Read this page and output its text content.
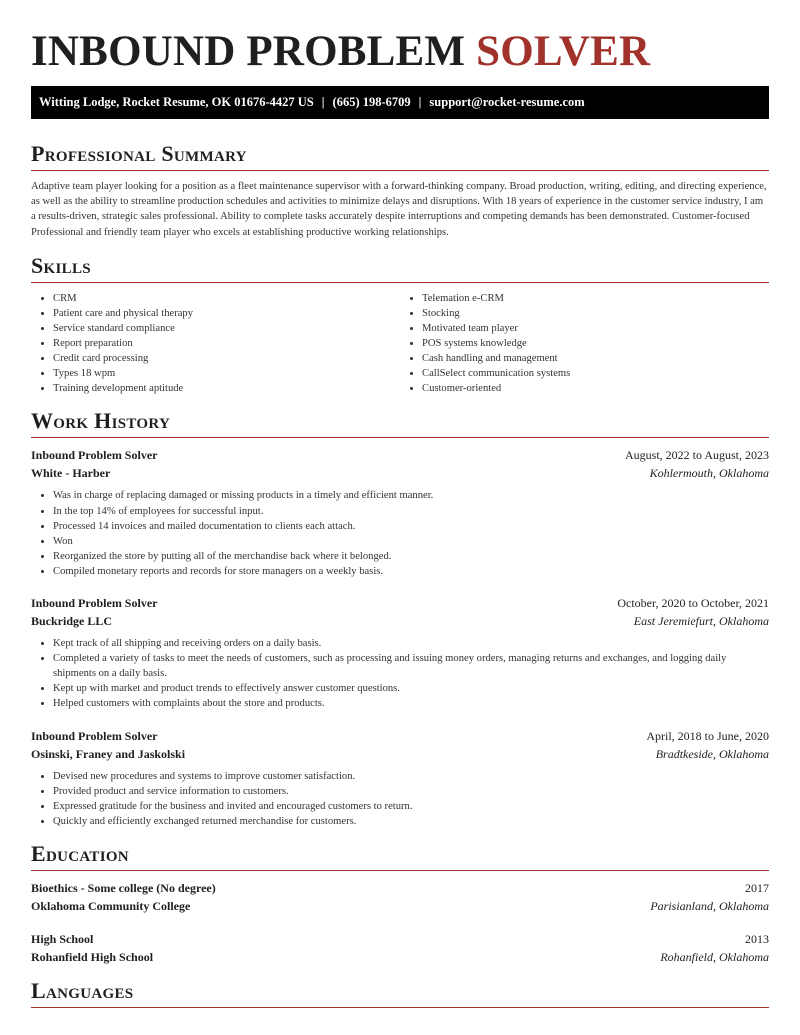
INBOUND PROBLEM SOLVER
Witting Lodge, Rocket Resume, OK 01676-4427 US | (665) 198-6709 | support@rocket-resume.com
Professional Summary

Adaptive team player looking for a position as a fleet maintenance supervisor with a forward-thinking company. Broad production, writing, editing, and directing experience, as well as the ability to streamline production schedules and activities to minimize delays and disruptions. With 18 years of experience in the customer service industry, I am a results-driven, strategic sales professional. Ability to complete tasks accurately despite interruptions and competing demands has been demonstrated. Customer-focused Professional and friendly team player who excels at establishing productive working relationships.

Skills
• CRM
• Patient care and physical therapy
• Service standard compliance
• Report preparation
• Credit card processing
• Types 18 wpm
• Training development aptitude
• Telemation e-CRM
• Stocking
• Motivated team player
• POS systems knowledge
• Cash handling and management
• CallSelect communication systems
• Customer-oriented
Work History
Inbound Problem Solver	August, 2022 to August, 2023
White - Harber	Kohlermouth, Oklahoma
• Was in charge of replacing damaged or missing products in a timely and efficient manner.
• In the top 14% of employees for successful input.
• Processed 14 invoices and mailed documentation to clients each attach.
• Won
• Reorganized the store by putting all of the merchandise back where it belonged.
• Compiled monetary reports and records for store managers on a weekly basis.
Inbound Problem Solver	October, 2020 to October, 2021
Buckridge LLC	East Jeremiefurt, Oklahoma
• Kept track of all shipping and receiving orders on a daily basis.
• Completed a variety of tasks to meet the needs of customers, such as processing and issuing money orders, managing returns and exchanges, and logging daily shipments on a daily basis.
• Kept up with market and product trends to effectively answer customer questions.
• Helped customers with complaints about the store and products.
Inbound Problem Solver	April, 2018 to June, 2020
Osinski, Franey and Jaskolski	Bradtkeside, Oklahoma
• Devised new procedures and systems to improve customer satisfaction.
• Provided product and service information to customers.
• Expressed gratitude for the business and invited and encouraged customers to return.
• Quickly and efficiently exchanged returned merchandise for customers.
Education
Bioethics - Some college (No degree)	2017
Oklahoma Community College	Parisianland, Oklahoma
High School	2013
Rohanfield High School	Rohanfield, Oklahoma
Languages
